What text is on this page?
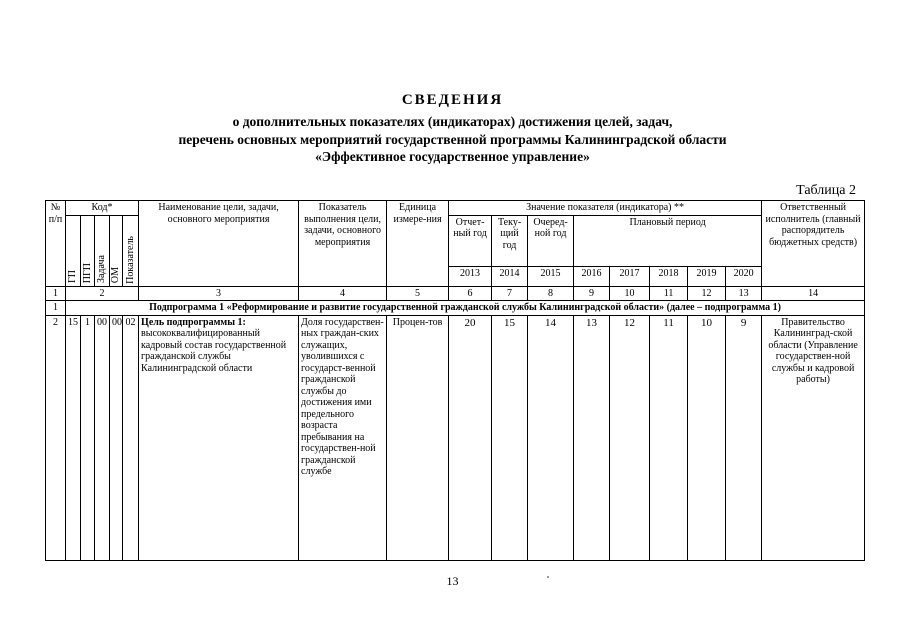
СВЕДЕНИЯ
о дополнительных показателях (индикаторах) достижения целей, задач,
перечень основных мероприятий государственной программы Калининградской области
«Эффективное государственное управление»
Таблица 2
№ п/п	Код*					Наименование цели, задачи, основного мероприятия	Показатель выполнения цели, задачи, основного мероприятия	Единица измере-ния	Значение показателя (индикатора) **								Ответственный исполнитель (главный распорядитель бюджетных средств)

	ГП	ПГП	Задача	ОМ	Показатель				Отчет-ный год	Теку-щий год	Очеред-ной год	Плановый период					
									2013	2014	2015	2016	2017	2018	2019	2020	
1	2					3	4	5	6	7	8	9	10	11	12	13	14
1	Подпрограмма 1 «Реформирование и развитие государственной гражданской службы Калининградской области» (далее – подпрограмма 1)																
2	15	1	00	00	02	Цель подпрограммы 1: высококвалифицированный кадровый состав государственной гражданской службы Калининградской области	Доля государствен-ных граждан-ских служащих, уволившихся с государст-венной гражданской службы до достижения ими предельного возраста пребывания на государствен-ной гражданской службе	Процен-тов	20	15	14	13	12	11	10	9	Правительство Калининград-ской области (Управление государствен-ной службы и кадровой работы)
13
